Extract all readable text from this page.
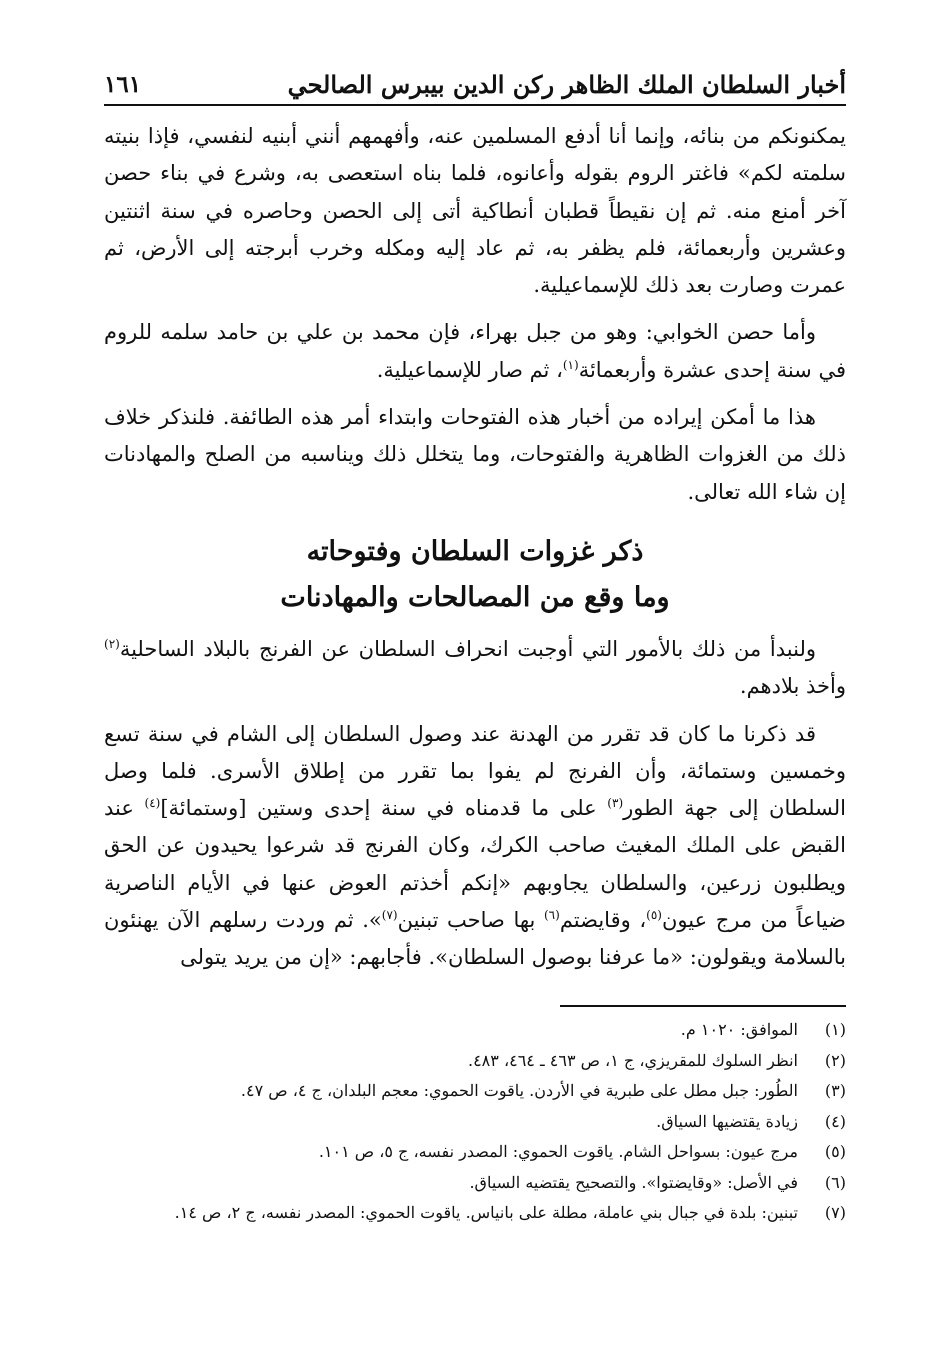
أخبار السلطان الملك الظاهر ركن الدين بيبرس الصالحي
١٦١

يمكنونكم من بنائه، وإنما أنا أدفع المسلمين عنه، وأفهمهم أنني أبنيه لنفسي، فإذا بنيته سلمته لكم» فاغتر الروم بقوله وأعانوه، فلما بناه استعصى به، وشرع في بناء حصن آخر أمنع منه. ثم إن نقيطاً قطبان أنطاكية أتى إلى الحصن وحاصره في سنة اثنتين وعشرين وأربعمائة، فلم يظفر به، ثم عاد إليه ومكله وخرب أبرجته إلى الأرض، ثم عمرت وصارت بعد ذلك للإسماعيلية.

وأما حصن الخوابي: وهو من جبل بهراء، فإن محمد بن علي بن حامد سلمه للروم في سنة إحدى عشرة وأربعمائة$^{(١)}$، ثم صار للإسماعيلية.

هذا ما أمكن إيراده من أخبار هذه الفتوحات وابتداء أمر هذه الطائفة. فلنذكر خلاف ذلك من الغزوات الظاهرية والفتوحات، وما يتخلل ذلك ويناسبه من الصلح والمهادنات إن شاء الله تعالى.

ذكر غزوات السلطان وفتوحاته
وما وقع من المصالحات والمهادنات

ولنبدأ من ذلك بالأمور التي أوجبت انحراف السلطان عن الفرنج بالبلاد الساحلية$^{(٢)}$ وأخذ بلادهم.

قد ذكرنا ما كان قد تقرر من الهدنة عند وصول السلطان إلى الشام في سنة تسع وخمسين وستمائة، وأن الفرنج لم يفوا بما تقرر من إطلاق الأسرى. فلما وصل السلطان إلى جهة الطور$^{(٣)}$ على ما قدمناه في سنة إحدى وستين [وستمائة]$^{(٤)}$ عند القبض على الملك المغيث صاحب الكرك، وكان الفرنج قد شرعوا يحيدون عن الحق ويطلبون زرعين، والسلطان يجاوبهم «إنكم أخذتم العوض عنها في الأيام الناصرية ضياعاً من مرج عيون$^{(٥)}$، وقايضتم$^{(٦)}$ بها صاحب تبنين$^{(٧)}$». ثم وردت رسلهم الآن يهنئون بالسلامة ويقولون: «ما عرفنا بوصول السلطان». فأجابهم: «إن من يريد يتولى

(١)
الموافق: ١٠٢٠ م.
(٢)
انظر السلوك للمقريزي، ج ١، ص ٤٦٣ ـ ٤٦٤، ٤٨٣.
(٣)
الطُور: جبل مطل على طبرية في الأردن. ياقوت الحموي: معجم البلدان، ج ٤، ص ٤٧.
(٤)
زيادة يقتضيها السياق.
(٥)
مرج عيون: بسواحل الشام. ياقوت الحموي: المصدر نفسه، ج ٥، ص ١٠١.
(٦)
في الأصل: «وقايضتوا». والتصحيح يقتضيه السياق.
(٧)
تبنين: بلدة في جبال بني عاملة، مطلة على بانياس. ياقوت الحموي: المصدر نفسه، ج ٢، ص ١٤.
